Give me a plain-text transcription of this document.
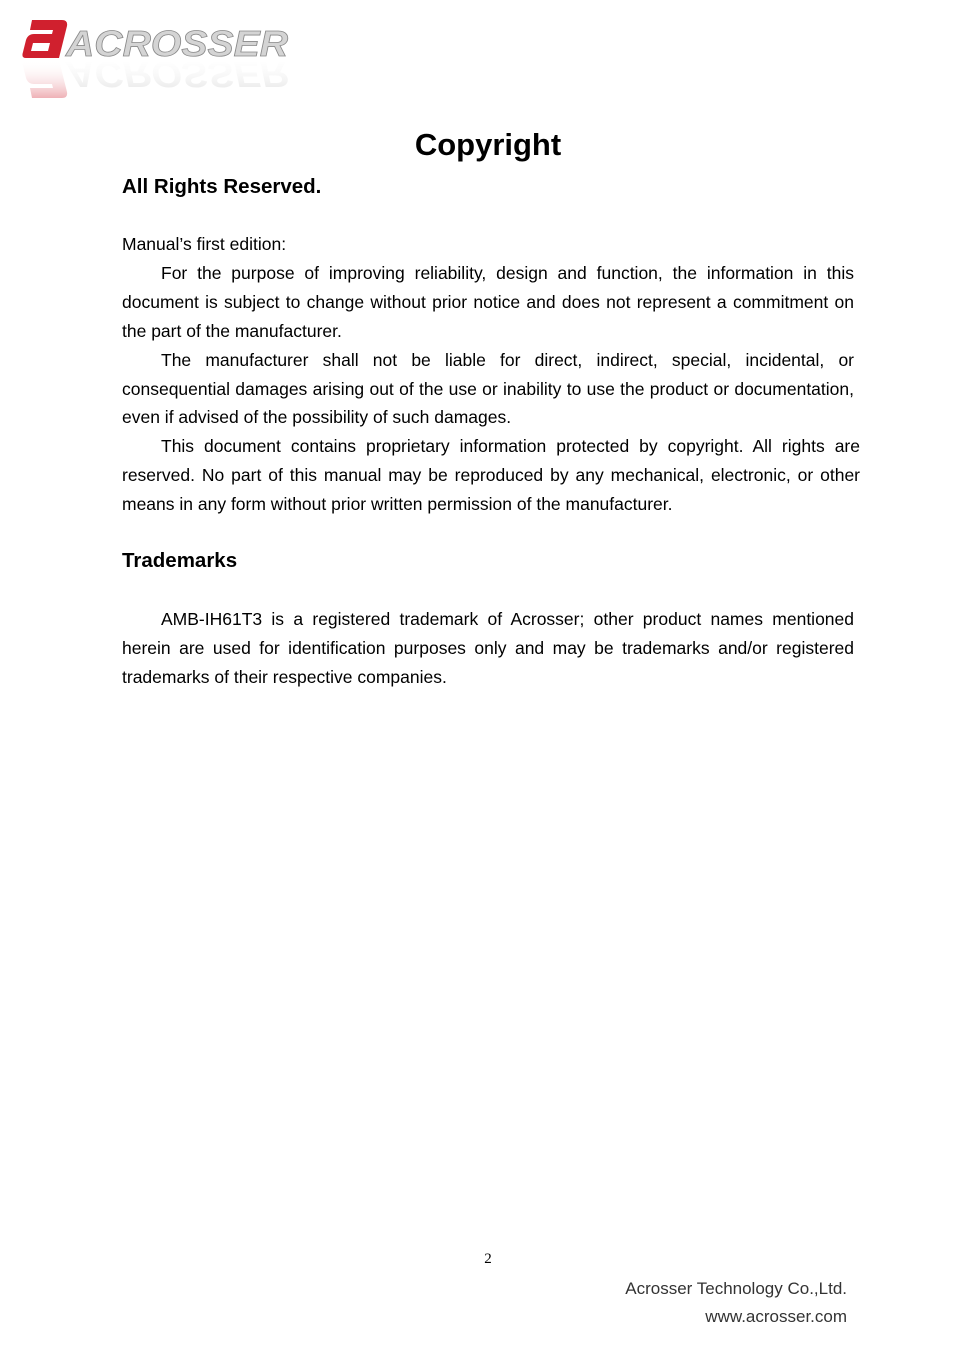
ACROSSER
ACROSSER
Copyright
All Rights Reserved.

Manual’s first edition:

For the purpose of improving reliability, design and function, the information in this document is subject to change without prior notice and does not represent a commitment on the part of the manufacturer.

The manufacturer shall not be liable for direct, indirect, special, incidental, or consequential damages arising out of the use or inability to use the product or documentation, even if advised of the possibility of such damages.

This document contains proprietary information protected by copyright. All rights are reserved. No part of this manual may be reproduced by any mechanical, electronic, or other means in any form without prior written permission of the manufacturer.

Trademarks

AMB-IH61T3 is a registered trademark of Acrosser; other product names mentioned herein are used for identification purposes only and may be trademarks and/or registered trademarks of their respective companies.

2
Acrosser Technology Co.,Ltd.
www.acrosser.com
